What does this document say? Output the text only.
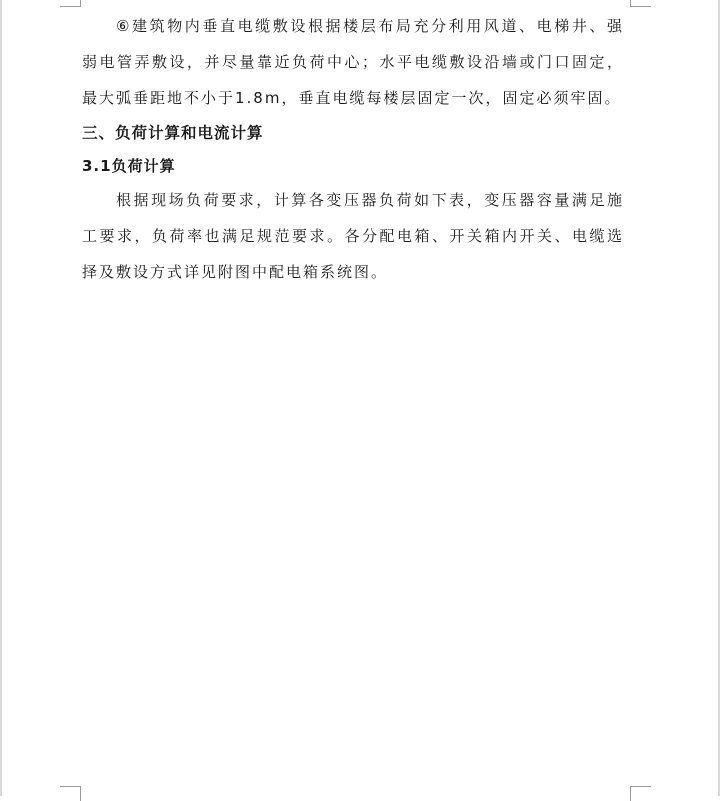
⑥建筑物内垂直电缆敷设根据楼层布局充分利用风道、电梯井、强弱电管弄敷设，并尽量靠近负荷中心；水平电缆敷设沿墙或门口固定，最大弧垂距地不小于1.8m，垂直电缆每楼层固定一次，固定必须牢固。

三、负荷计算和电流计算
3.1负荷计算

根据现场负荷要求，计算各变压器负荷如下表，变压器容量满足施工要求，负荷率也满足规范要求。各分配电箱、开关箱内开关、电缆选择及敷设方式详见附图中配电箱系统图。
